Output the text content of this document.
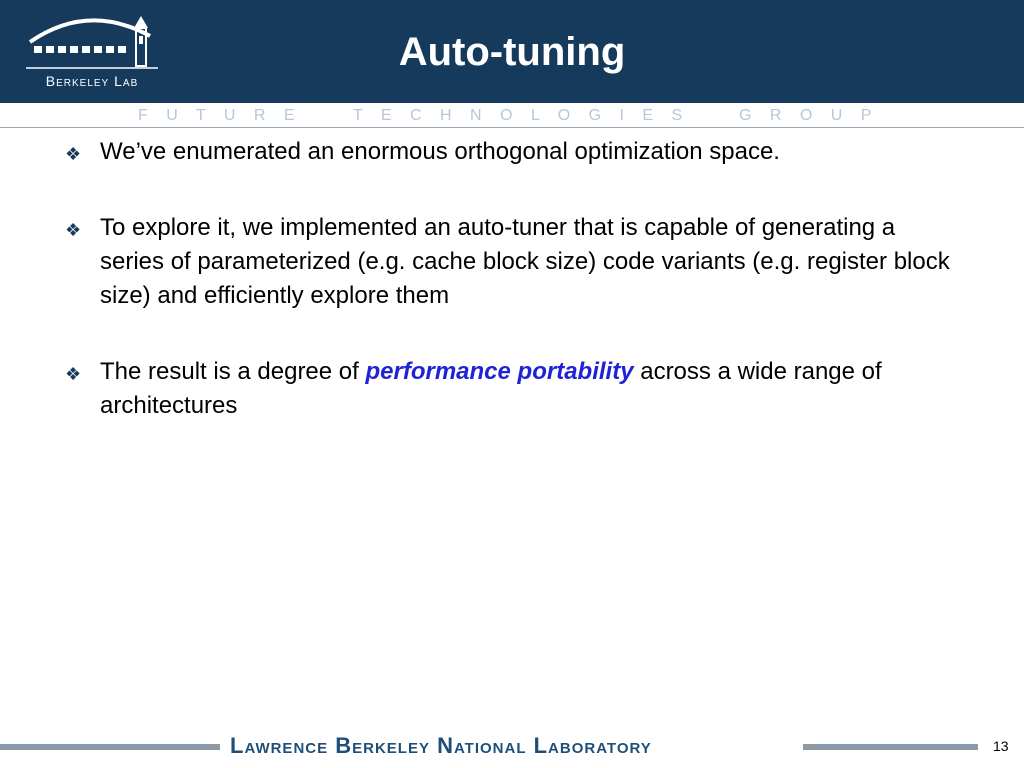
Berkeley Lab
Auto-tuning
F U T U R E	T E C H N O L O G I E S	G R O U P
❖ We’ve enumerated an enormous orthogonal optimization space.
❖ To explore it, we implemented an auto-tuner that is capable of generating a series of parameterized (e.g. cache block size) code variants (e.g. register block size) and efficiently explore them
❖ The result is a degree of performance portability across a wide range of architectures
Lawrence Berkeley National Laboratory	13
